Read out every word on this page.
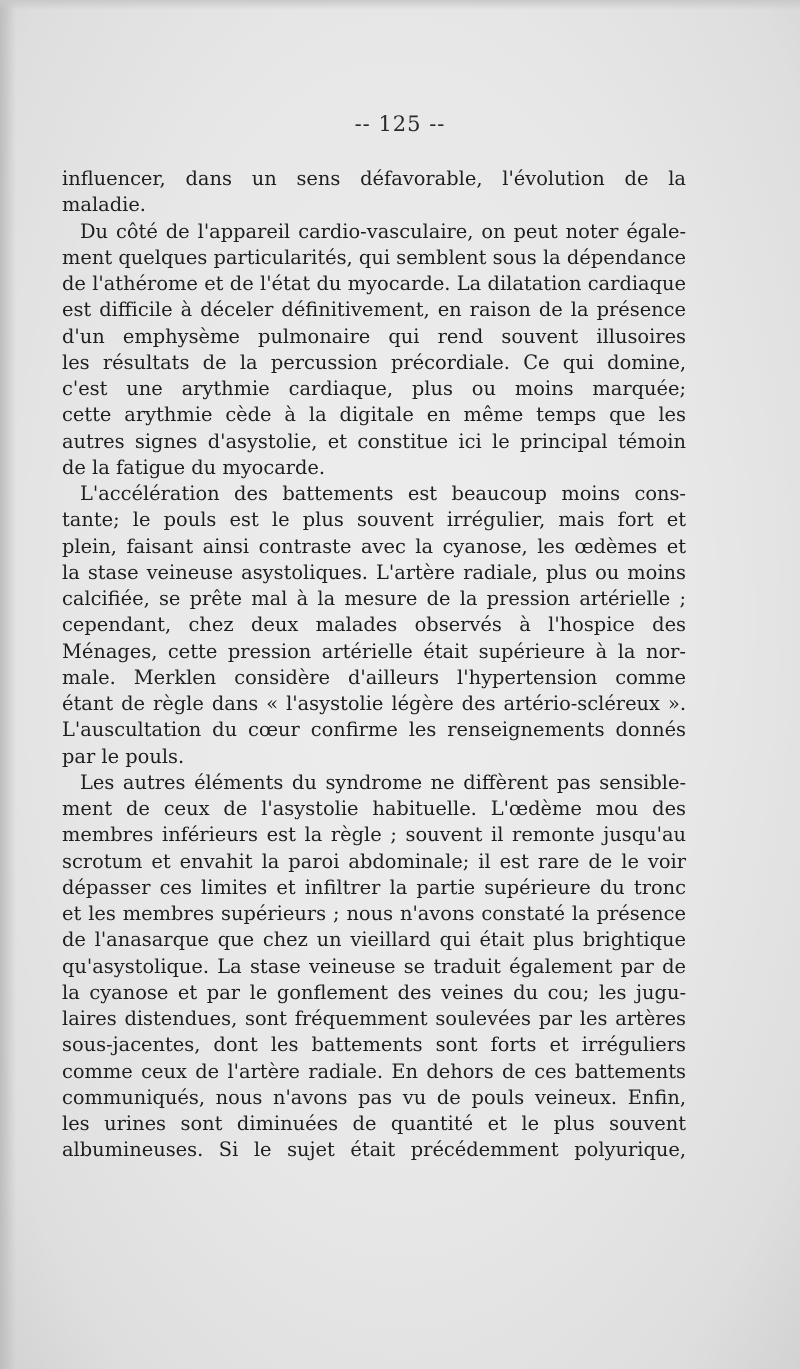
-- 125 --
influencer, dans un sens défavorable, l'évolution de la
maladie.
Du côté de l'appareil cardio-vasculaire, on peut noter égale-
ment quelques particularités, qui semblent sous la dépendance
de l'athérome et de l'état du myocarde. La dilatation cardiaque
est difficile à déceler définitivement, en raison de la présence
d'un emphysème pulmonaire qui rend souvent illusoires
les résultats de la percussion précordiale. Ce qui domine,
c'est une arythmie cardiaque, plus ou moins marquée;
cette arythmie cède à la digitale en même temps que les
autres signes d'asystolie, et constitue ici le principal témoin
de la fatigue du myocarde.
L'accélération des battements est beaucoup moins cons-
tante; le pouls est le plus souvent irrégulier, mais fort et
plein, faisant ainsi contraste avec la cyanose, les œdèmes et
la stase veineuse asystoliques. L'artère radiale, plus ou moins
calcifiée, se prête mal à la mesure de la pression artérielle ;
cependant, chez deux malades observés à l'hospice des
Ménages, cette pression artérielle était supérieure à la nor-
male. Merklen considère d'ailleurs l'hypertension comme
étant de règle dans « l'asystolie légère des artério-scléreux ».
L'auscultation du cœur confirme les renseignements donnés
par le pouls.
Les autres éléments du syndrome ne diffèrent pas sensible-
ment de ceux de l'asystolie habituelle. L'œdème mou des
membres inférieurs est la règle ; souvent il remonte jusqu'au
scrotum et envahit la paroi abdominale; il est rare de le voir
dépasser ces limites et infiltrer la partie supérieure du tronc
et les membres supérieurs ; nous n'avons constaté la présence
de l'anasarque que chez un vieillard qui était plus brightique
qu'asystolique. La stase veineuse se traduit également par de
la cyanose et par le gonflement des veines du cou; les jugu-
laires distendues, sont fréquemment soulevées par les artères
sous-jacentes, dont les battements sont forts et irréguliers
comme ceux de l'artère radiale. En dehors de ces battements
communiqués, nous n'avons pas vu de pouls veineux. Enfin,
les urines sont diminuées de quantité et le plus souvent
albumineuses. Si le sujet était précédemment polyurique,
